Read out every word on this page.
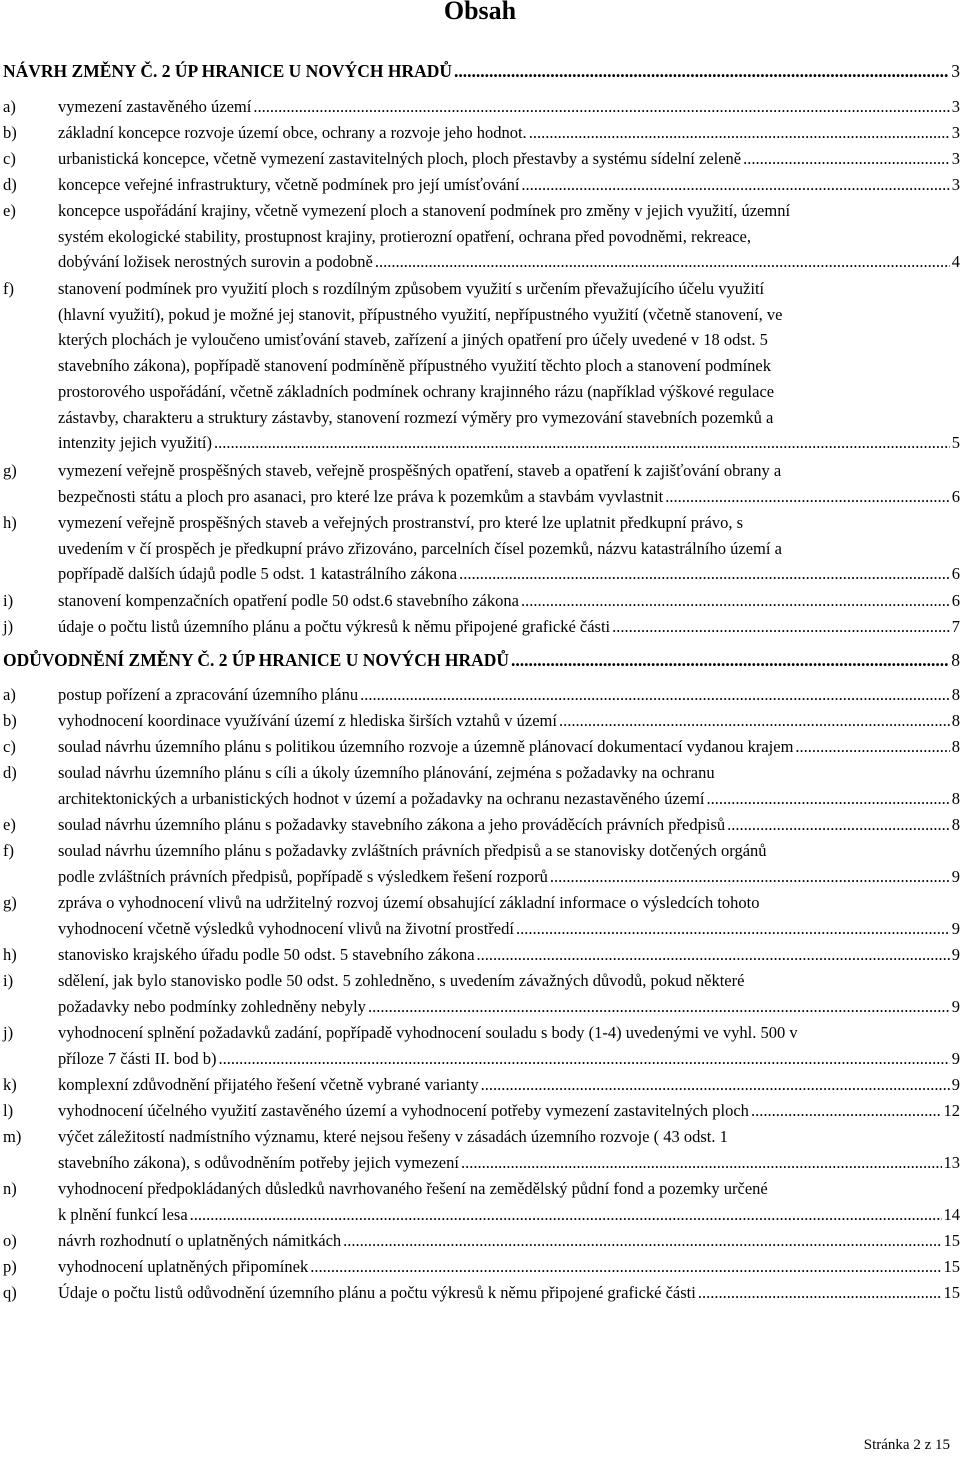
Obsah
NÁVRH ZMĚNY Č. 2 ÚP HRANICE U NOVÝCH HRADŮ .....	3
a)	vymezení zastavěného území .....	3
b)	základní koncepce rozvoje území obce, ochrany a rozvoje jeho hodnot. .....	3
c)	urbanistická koncepce, včetně vymezení zastavitelných ploch, ploch přestavby a systému sídelní zeleně .....	3
d)	koncepce veřejné infrastruktury, včetně podmínek pro její umísťování .....	3
e)	koncepce uspořádání krajiny, včetně vymezení ploch a stanovení podmínek pro změny v jejich využití, územní
systém ekologické stability, prostupnost krajiny, protierozní opatření, ochrana před povodněmi, rekreace,
dobývání ložisek nerostných surovin a podobně .....	4
f)	stanovení podmínek pro využití ploch s rozdílným způsobem využití s určením převažujícího účelu využití
(hlavní využití), pokud je možné jej stanovit, přípustného využití, nepřípustného využití (včetně stanovení, ve
kterých plochách je vyloučeno umisťování staveb, zařízení a jiných opatření pro účely uvedené v 18 odst. 5
stavebního zákona), popřípadě stanovení podmíněně přípustného využití těchto ploch a stanovení podmínek
prostorového uspořádání, včetně základních podmínek ochrany krajinného rázu (například výškové regulace
zástavby, charakteru a struktury zástavby, stanovení rozmezí výměry pro vymezování stavebních pozemků a
intenzity jejich využití) .....	5
g)	vymezení veřejně prospěšných staveb, veřejně prospěšných opatření, staveb a opatření k zajišťování obrany a
bezpečnosti státu a ploch pro asanaci, pro které lze práva k pozemkům a stavbám vyvlastnit .....	6
h)	vymezení veřejně prospěšných staveb a veřejných prostranství, pro které lze uplatnit předkupní právo, s
uvedením v čí prospěch je předkupní právo zřizováno, parcelních čísel pozemků, názvu katastrálního území a
popřípadě dalších údajů podle 5 odst. 1 katastrálního zákona .....	6
i)	stanovení kompenzačních opatření podle 50 odst.6 stavebního zákona .....	6
j)	údaje o počtu listů územního plánu a počtu výkresů k němu připojené grafické části .....	7
ODŮVODNĚNÍ ZMĚNY Č. 2 ÚP HRANICE U NOVÝCH HRADŮ .....	8
a)	postup pořízení a zpracování územního plánu .....	8
b)	vyhodnocení koordinace využívání území z hlediska širších vztahů v území .....	8
c)	soulad návrhu územního plánu s politikou územního rozvoje a územně plánovací dokumentací vydanou krajem .....	8
d)	soulad návrhu územního plánu s cíli a úkoly územního plánování, zejména s požadavky na ochranu
architektonických a urbanistických hodnot v území a požadavky na ochranu nezastavěného území .....	8
e)	soulad návrhu územního plánu s požadavky stavebního zákona a jeho prováděcích právních předpisů .....	8
f)	soulad návrhu územního plánu s požadavky zvláštních právních předpisů a se stanovisky dotčených orgánů
podle zvláštních právních předpisů, popřípadě s výsledkem řešení rozporů .....	9
g)	zpráva o vyhodnocení vlivů na udržitelný rozvoj území obsahující základní informace o výsledcích tohoto
vyhodnocení včetně výsledků vyhodnocení vlivů na životní prostředí .....	9
h)	stanovisko krajského úřadu podle 50 odst. 5 stavebního zákona .....	9
i)	sdělení, jak bylo stanovisko podle 50 odst. 5 zohledněno, s uvedením závažných důvodů, pokud některé
požadavky nebo podmínky zohledněny nebyly .....	9
j)	vyhodnocení splnění požadavků zadání, popřípadě vyhodnocení souladu s body (1-4) uvedenými ve vyhl. 500 v
příloze 7 části II. bod b) .....	9
k)	komplexní zdůvodnění přijatého řešení včetně vybrané varianty .....	9
l)	vyhodnocení účelného využití zastavěného území a vyhodnocení potřeby vymezení zastavitelných ploch .....	12
m) výčet záležitostí nadmístního významu, které nejsou řešeny v zásadách územního rozvoje ( 43 odst. 1
stavebního zákona), s odůvodněním potřeby jejich vymezení .....	13
n)	vyhodnocení předpokládaných důsledků navrhovaného řešení na zemědělský půdní fond a pozemky určené
k plnění funkcí lesa .....	14
o)	návrh rozhodnutí o uplatněných námitkách .....	15
p)	vyhodnocení uplatněných připomínek .....	15
q)	Údaje o počtu listů odůvodnění územního plánu a počtu výkresů k němu připojené grafické části .....	15
Stránka 2 z 15
